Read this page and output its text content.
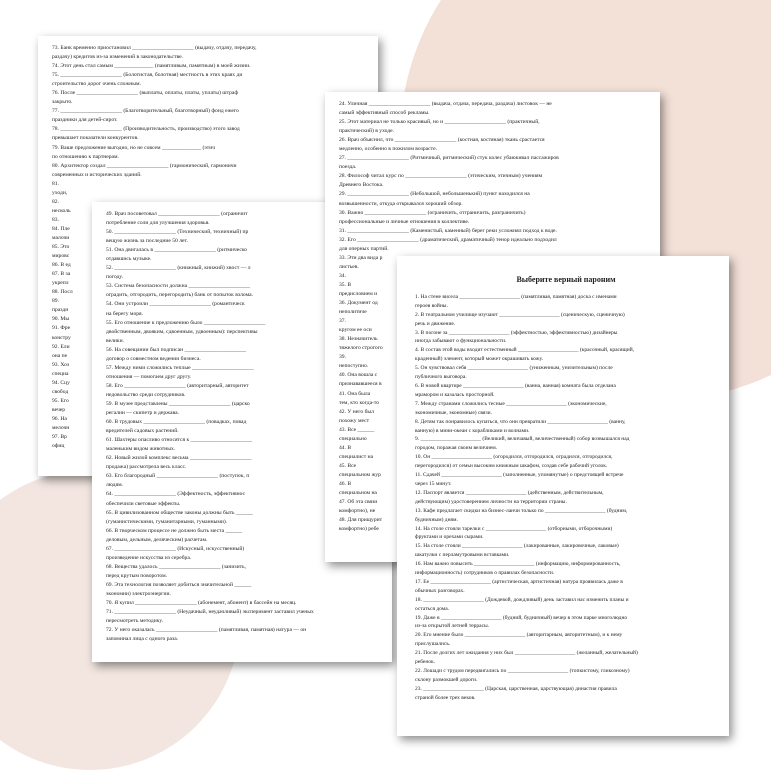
73. Банк временно приостановил ______________________ (выдачу, отдачу, передачу,
раздачу) кредитов из-за изменений в законодательстве.
74. Этот день стал самым ______________ (памятливым, памятным) в моей жизни.
75. ______________________ (Болотистая, болотная) местность в этих краях ди
строительство дорог очень сложным.
76. После ______________________ (выплаты, оплаты, платы, уплаты) штраф
закрыто.
77. ______________________ (Благотворительный, благотворный) фонд ежего
праздники для детей-сирот.
78. ______________________ (Производительность, производство) этого завод
превышает показатели конкурентов.
79. Ваше предложение выгодно, но не совсем ______________ (этич
по отношению к партнерам.
80. Архитектор создал ______________________ (гармонический, гармоничн
современных и исторических зданий.
81.
уходи,
82.
несколь
83.
84. Пле
малочи
85. Это
мировс
86. В ед
87. В за
укрепл
88. Посл
89.
праздн
90. Мы
91. Фре
констру
92. Ели
она пе
93. Хоз
специа
94. Сцу
свобод
95. Его
вечер
96. На
мелочн
97. Вр
офиц
49. Врач посоветовал ______________________ (ограничит
потребление соли для улучшения здоровья.
50. ______________________ (Технический, техничный) пр
вещую жизнь за последние 50 лет.
51. Она двигалась в ______________________ (ритмическо
отдавшись музыке.
52. ______________________ (книжный, книжий) хвост — л
погоду.
53. Система безопасности должна ______________________
оградить, отгородить, перегородить) банк от попыток взлома.
54. Они устроили ______________________ (романтическ
на берегу моря.
55. Его отношение к предложению было ______________________
двойственным, двояким, сдвоенным, удвоенным): перспективы
велики.
56. На совещании был подписан ______________________
договор о совместном ведении бизнеса.
57. Между ними сложились теплые ______________________
отношения — помогаем друг другу.
58. Его ______________________ (авторитарный, авторитет
недовольство среди сотрудников.
59. В музее представлены ______________________ (царско
регалии — скипетр и держава.
60. В трудовых ______________________ (повадках, повад
вредителей садовых растений.
61. Шахтеры опасливо относятся к ______________________
маленьким видом животных.
62. Новый жилой комплекс весьма ______________________
продажа) рассмотрела весь класс.
63. Его благородный ______________________ (поступок, п
людям.
64. ______________________ (Эффектность, эффективнос
обеспечили световые эффекты.
65. В цивилизованном обществе законы должны быть ______
(гуманистическими, гуманитарными, гуманными).
66. В творческом процессе не должно быть места ______
деловым, дельным, деляческим) расчетам.
67. ______________________ (Искусный, искусственный)
произведение искусства из серебра.
68. Вещества удалось ______________________ (занизить,
перед крутым поворотом.
69. Эта технология позволяет добиться значительной ______
экономии) электроэнергии.
70. Я купил ______________________ (абонемент, абонент) в бассейн на месяц.
71. ______________________ (Неудачный, неудачливый) эксперимент заставил ученых
пересмотреть методику.
72. У него оказалась ______________________ (памятливая, памятная) натура — он
запоминал лица с одного раза.
24. Уличная ______________________ (выдача, отдача, передача, раздача) листовок — не
самый эффективный способ рекламы.
25. Этот материал не только красивый, но и ______________________ (практичный,
практический) в уходе.
26. Врач объяснил, что ______________________ (костная, костяная) ткань срастается
медленно, особенно в пожилом возрасте.
27. ______________________ (Ритмичный, ритмический) стук колес убаюкивал пассажиров
поезда.
28. Философ читал курс по ______________________ (этическим, этичным) учениям
Древнего Востока.
29. ______________________ (Небольшой, небольшенький) пункт находился на
возвышенности, откуда открывался хороший обзор.
30. Важно ______________________ (ограничить, отграничить, разграничить)
профессиональные и личные отношения в коллективе.
31. ______________________ (Каменистый, каменный) берег реки усложнял подход к воде.
32. Его ______________________ (драматический, драматичный) тенор идеально подходил
для оперных партий.
33. Эти два вида р
листьев.
34.
35. В
предисловием и
36. Документ од
неполитиче
37.
кругом ее осн
38. Незначитель
тяжелого строгого
39.
непоступно.
40. Она вошла с
признававшееся в
41. Она была
тем, кто когда-то
42. У него был
похожу мест
43. Все ______
специально
44. В
специалист на
45. Все
специальном жур
46. В
специальном на
47. Об эта связи
комфортно), не
48. Для прищурит
комфортно) ребе
Выберите верный пароним
1. На стене висела ______________________ (памятливая, памятная) доска с именами
героев войны.
2. В театральном училище изучают ______________________ (сценическую, сценичную)
речь и движение.
3. В погоне за ______________________ (эффектностью, эффективностью) дизайнеры
иногда забывают о функциональности.
4. В состав этой воды входит естественный ______________________ (красочный, красящий,
краденный) элемент, который может окрашивать кожу.
5. Он чувствовал себя ______________________ (униженным, унизительным) после
публичного выговора.
6. В новой квартире ______________________ (ванна, ванная) комната была отделана
мрамором и казалась просторной.
7. Между странами сложились тесные ______________________ (экономические,
экономичные, экономные) связи.
8. Детям так понравилось купаться, что они превратили ______________________ (ванну,
ванную) в мини-океан с корабликами и волнами.
9. ______________________ (Великий, величавый, величественный) собор возвышался над
городом, поражая своим величием.
10. Он ______________________ (огородился, отгородился, оградился, отгородился,
перегородился) от семьи высоким книжным шкафом, создав себе рабочий уголок.
11. Сдачей ______________________ (заполненные, упомянутые) о предстоящей встрече
через 15 минут.
12. Паспорт является ______________________ (действенным, действительным,
действующим) удостоверением личности на территории страны.
13. Кафе предлагает скидки на бизнес-ланчи только по ______________________ (будним,
будничным) дням.
14. На столе стояли тарелки с ______________________ (отборными, отборочными)
фруктами и орехами сырами.
15. На столе стояли ______________________ (лакированные, лакировочные, лаковые)
шкатулки с перламутровыми вставками.
16. Нам важно повысить ______________________ (информацию, информированность,
информационность) сотрудников о правилах безопасности.
17. Ее ______________________ (артистическая, артистичная) натура проявилась даже в
обычных разговорах.
18. ______________________ (Дождевой, дождливый) день заставил нас изменить планы и
остаться дома.
19. Даже в ______________________ (будний, будничный) вечер в этом парке многолюдно
из-за открытой летней террасы.
20. Его мнение было ______________________ (авторитарным, авторитетным), и к нему
прислушались.
21. После долгих лет ожидания у них был ______________________ (желанный, желательный)
ребенок.
22. Лошади с трудом передвигались по ______________________ (топкистому, гликозному)
склону размокшей дороги.
23. ______________________ (Царская, царственная, царствующая) династия правила
страной более трех веков.
